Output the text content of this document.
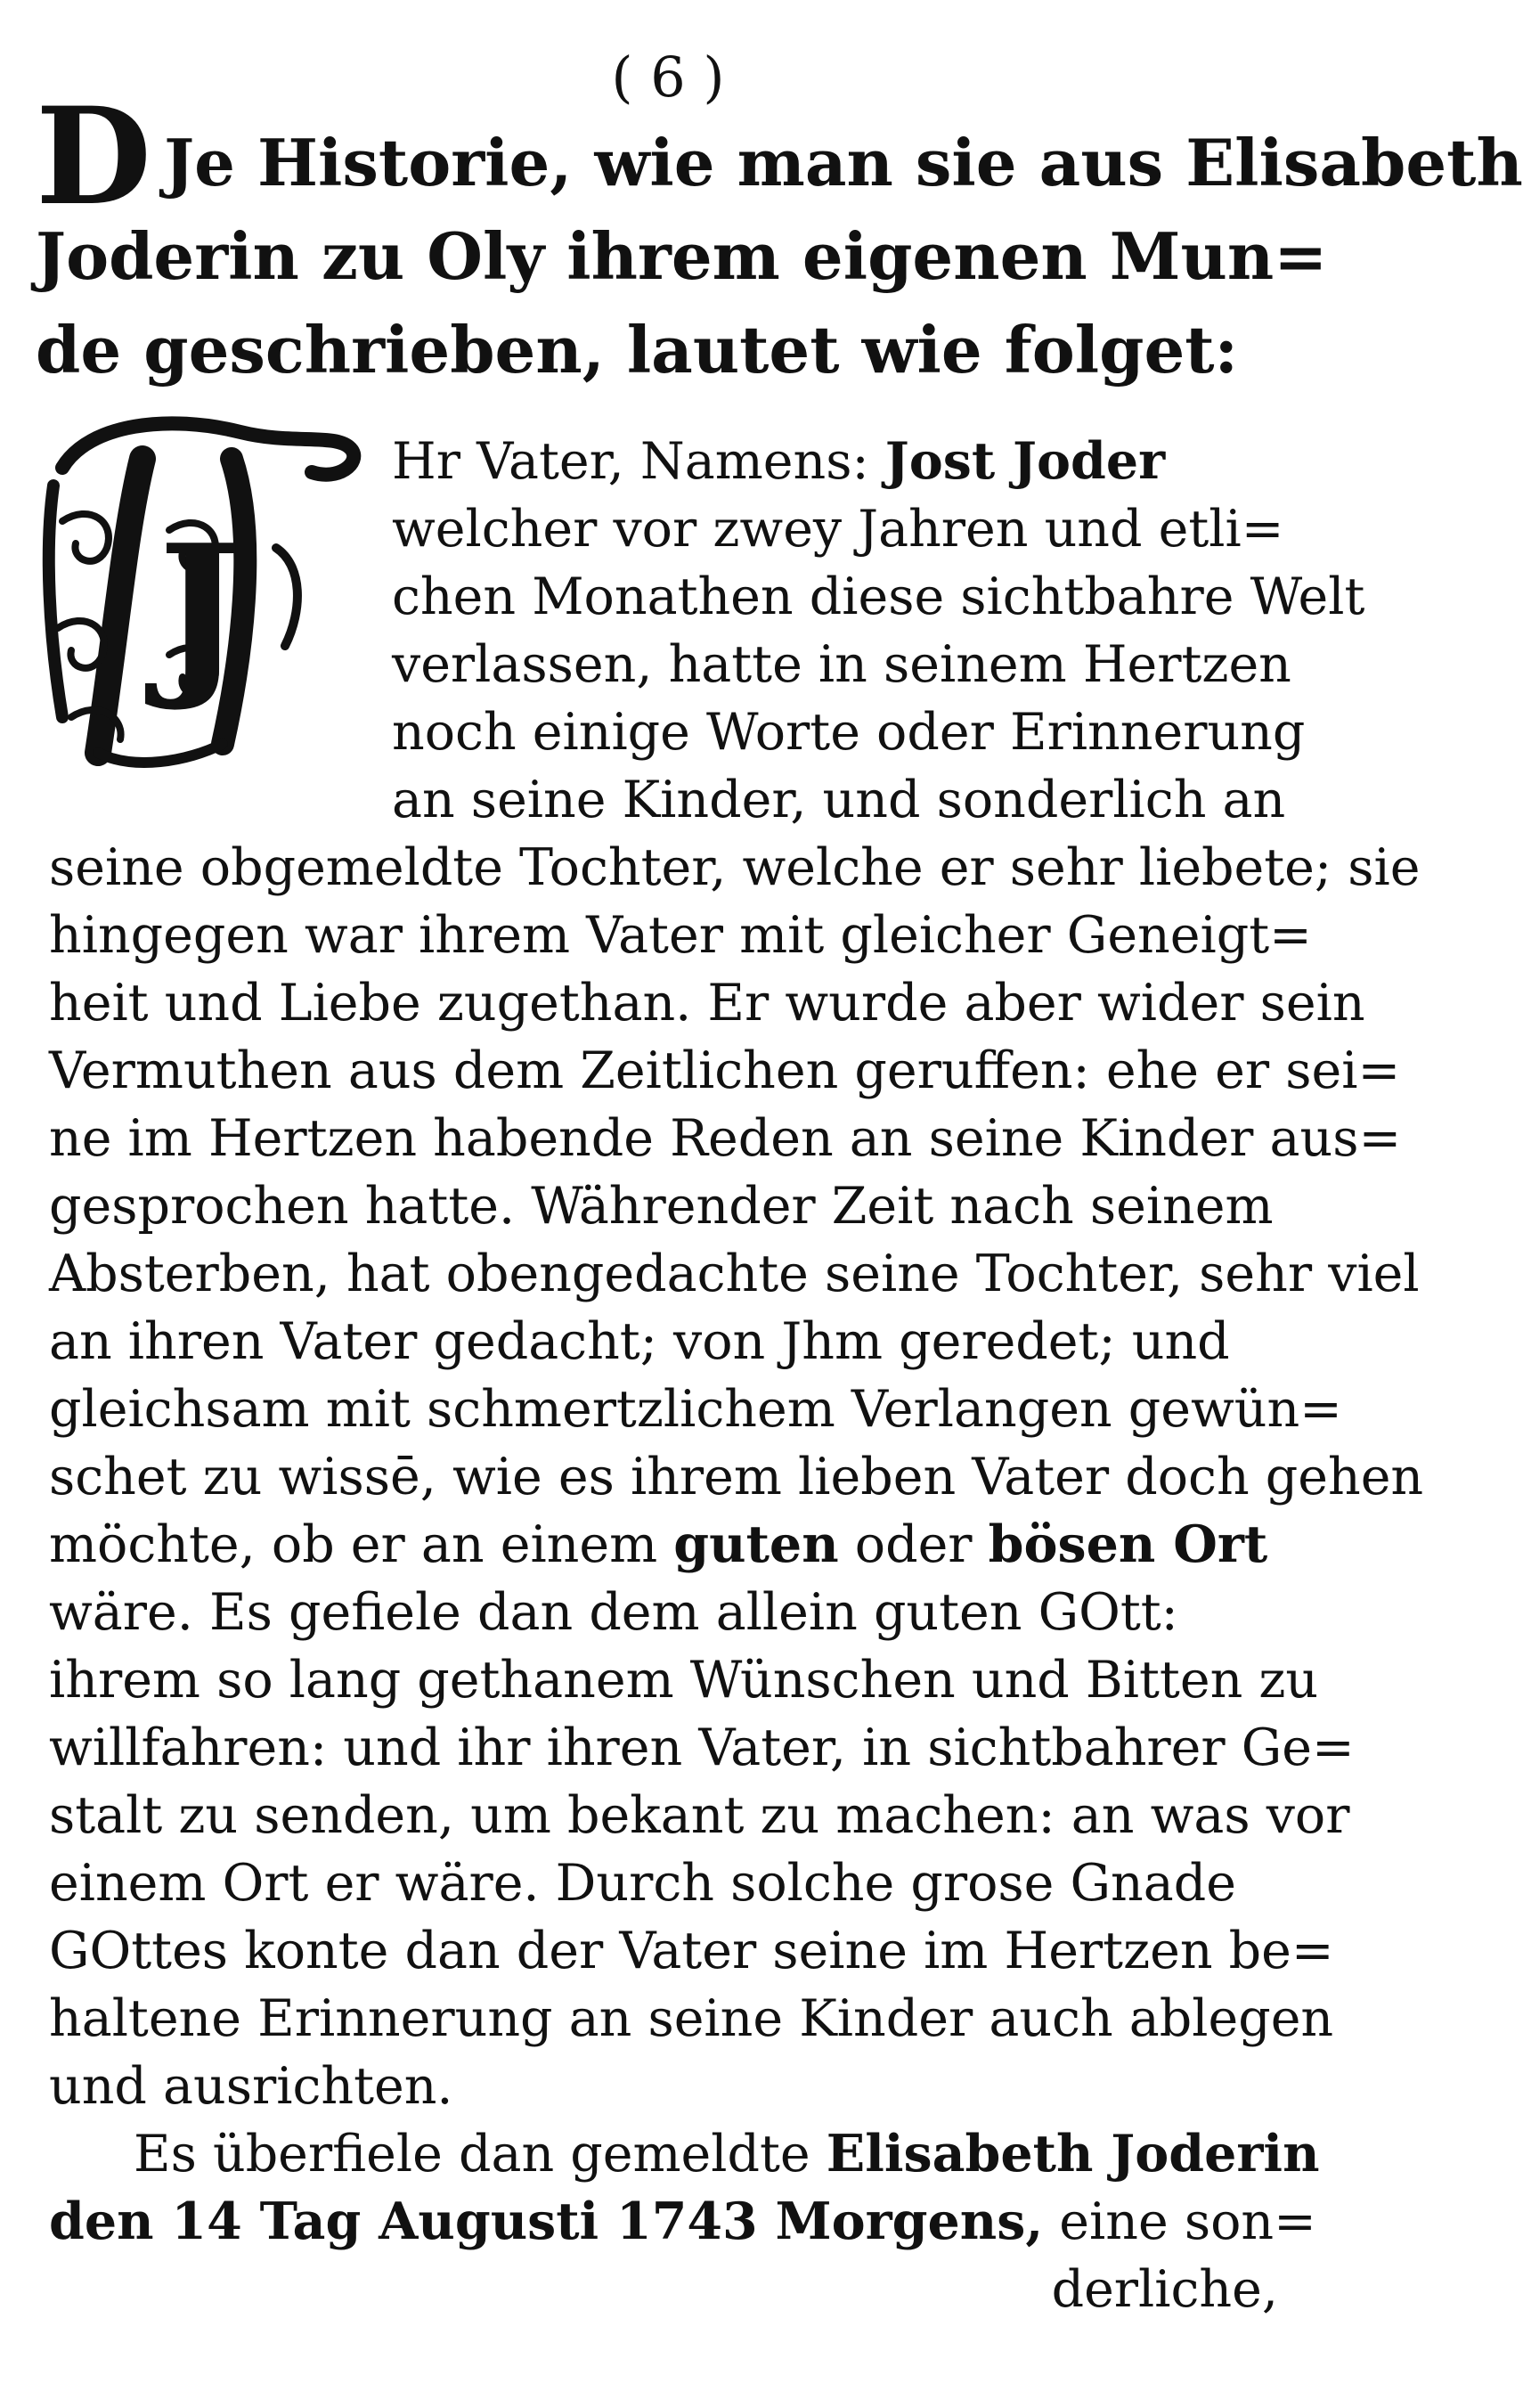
( 6 )
D Je Historie, wie man sie aus Elisabeth
Joderin zu Oly ihrem eigenen Mun=
de geschrieben, lautet wie folget:
J
Hr Vater, Namens: Jost Joder
welcher vor zwey Jahren und etli=
chen Monathen diese sichtbahre Welt
verlassen, hatte in seinem Hertzen
noch einige Worte oder Erinnerung
an seine Kinder, und sonderlich an
seine obgemeldte Tochter, welche er sehr liebete; sie
hingegen war ihrem Vater mit gleicher Geneigt=
heit und Liebe zugethan. Er wurde aber wider sein
Vermuthen aus dem Zeitlichen geruffen: ehe er sei=
ne im Hertzen habende Reden an seine Kinder aus=
gesprochen hatte. Währender Zeit nach seinem
Absterben, hat obengedachte seine Tochter, sehr viel
an ihren Vater gedacht; von Jhm geredet; und
gleichsam mit schmertzlichem Verlangen gewün=
schet zu wissē, wie es ihrem lieben Vater doch gehen
möchte, ob er an einem guten oder bösen Ort
wäre. Es gefiele dan dem allein guten GOtt:
ihrem so lang gethanem Wünschen und Bitten zu
willfahren: und ihr ihren Vater, in sichtbahrer Ge=
stalt zu senden, um bekant zu machen: an was vor
einem Ort er wäre. Durch solche grose Gnade
GOttes konte dan der Vater seine im Hertzen be=
haltene Erinnerung an seine Kinder auch ablegen
und ausrichten.
Es überfiele dan gemeldte Elisabeth Joderin
den 14 Tag Augusti 1743 Morgens, eine son=
derliche,
